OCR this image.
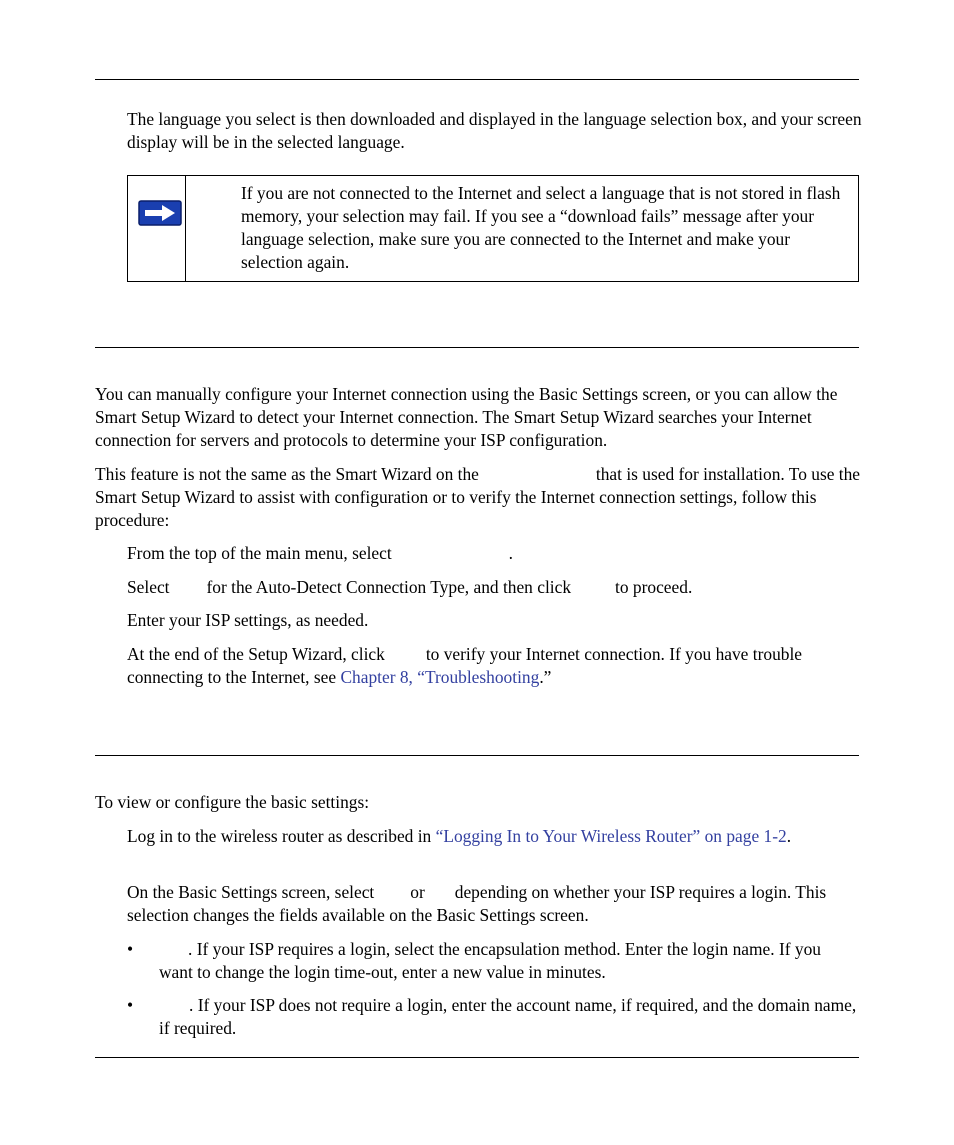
The language you select is then downloaded and displayed in the language selection box, and your screen display will be in the selected language.

If you are not connected to the Internet and select a language that is not stored in flash memory, your selection may fail. If you see a “download fails” message after your language selection, make sure you are connected to the Internet and make your selection again.

You can manually configure your Internet connection using the Basic Settings screen, or you can allow the Smart Setup Wizard to detect your Internet connection. The Smart Setup Wizard searches your Internet connection for servers and protocols to determine your ISP configuration.

This feature is not the same as the Smart Wizard on the	that is used for installation. To use the Smart Setup Wizard to assist with configuration or to verify the Internet connection settings, follow this procedure:

From the top of the main menu, select	.

Select for the Auto-Detect Connection Type, and then click	to proceed.

Enter your ISP settings, as needed.

At the end of the Setup Wizard, click to verify your Internet connection. If you have trouble connecting to the Internet, see Chapter 8, “Troubleshooting.”

To view or configure the basic settings:

Log in to the wireless router as described in “Logging In to Your Wireless Router” on page 1-2.

On the Basic Settings screen, select or depending on whether your ISP requires a login. This selection changes the fields available on the Basic Settings screen.

•	. If your ISP requires a login, select the encapsulation method. Enter the login name. If you want to change the login time-out, enter a new value in minutes.

•	. If your ISP does not require a login, enter the account name, if required, and the domain name, if required.
